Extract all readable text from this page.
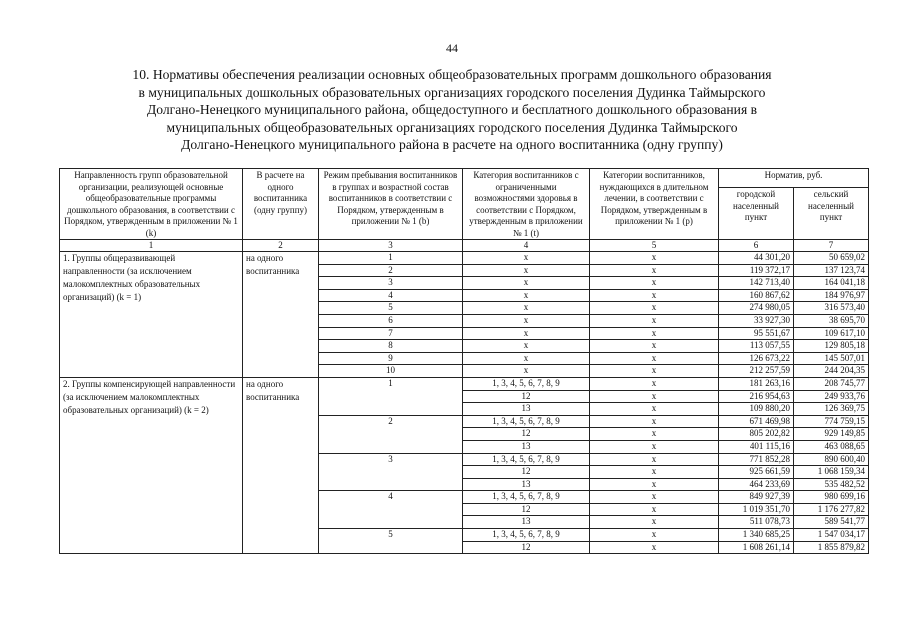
44
10. Нормативы обеспечения реализации основных общеобразовательных программ дошкольного образования
в муниципальных дошкольных образовательных организациях городского поселения Дудинка Таймырского
Долгано-Ненецкого муниципального района, общедоступного и бесплатного дошкольного образования в
муниципальных общеобразовательных организациях городского поселения Дудинка Таймырского
Долгано-Ненецкого муниципального района в расчете на одного воспитанника (одну группу)
Направленность групп образовательной организации, реализующей основные общеобразовательные программы дошкольного образования, в соответствии с Порядком, утвержденным в приложении № 1 (k)	В расчете на одного воспитанника (одну группу)	Режим пребывания воспитанников в группах и возрастной состав воспитанников в соответствии с Порядком, утвержденным в приложении № 1 (b)	Категория воспитанников с ограниченными возможностями здоровья в соответствии с Порядком, утвержденным в приложении № 1 (t)	Категории воспитанников, нуждающихся в длительном лечении, в соответствии с Порядком, утвержденным в приложении № 1 (p)	Норматив, руб.	
					городской населенный пункт	сельский населенный пункт
1	2	3	4	5	6	7
1. Группы общеразвивающей направленности (за исключением малокомплектных образовательных организаций) (k = 1)	на одного воспитанника	1	х	х	44 301,20	50 659,02
		2	х	х	119 372,17	137 123,74
		3	х	х	142 713,40	164 041,18
		4	х	х	160 867,62	184 976,97
		5	х	х	274 980,05	316 573,40
		6	х	х	33 927,30	38 695,70
		7	х	х	95 551,67	109 617,10
		8	х	х	113 057,55	129 805,18
		9	х	х	126 673,22	145 507,01
		10	х	х	212 257,59	244 204,35
2. Группы компенсирующей направленности (за исключением малокомплектных образовательных организаций) (k = 2)	на одного воспитанника	1	1, 3, 4, 5, 6, 7, 8, 9	х	181 263,16	208 745,77
			12	х	216 954,63	249 933,76
			13	х	109 880,20	126 369,75
		2	1, 3, 4, 5, 6, 7, 8, 9	х	671 469,98	774 759,15
			12	х	805 202,82	929 149,85
			13	х	401 115,16	463 088,65
		3	1, 3, 4, 5, 6, 7, 8, 9	х	771 852,28	890 600,40
			12	х	925 661,59	1 068 159,34
			13	х	464 233,69	535 482,52
		4	1, 3, 4, 5, 6, 7, 8, 9	х	849 927,39	980 699,16
			12	х	1 019 351,70	1 176 277,82
			13	х	511 078,73	589 541,77
		5	1, 3, 4, 5, 6, 7, 8, 9	х	1 340 685,25	1 547 034,17
			12	х	1 608 261,14	1 855 879,82
